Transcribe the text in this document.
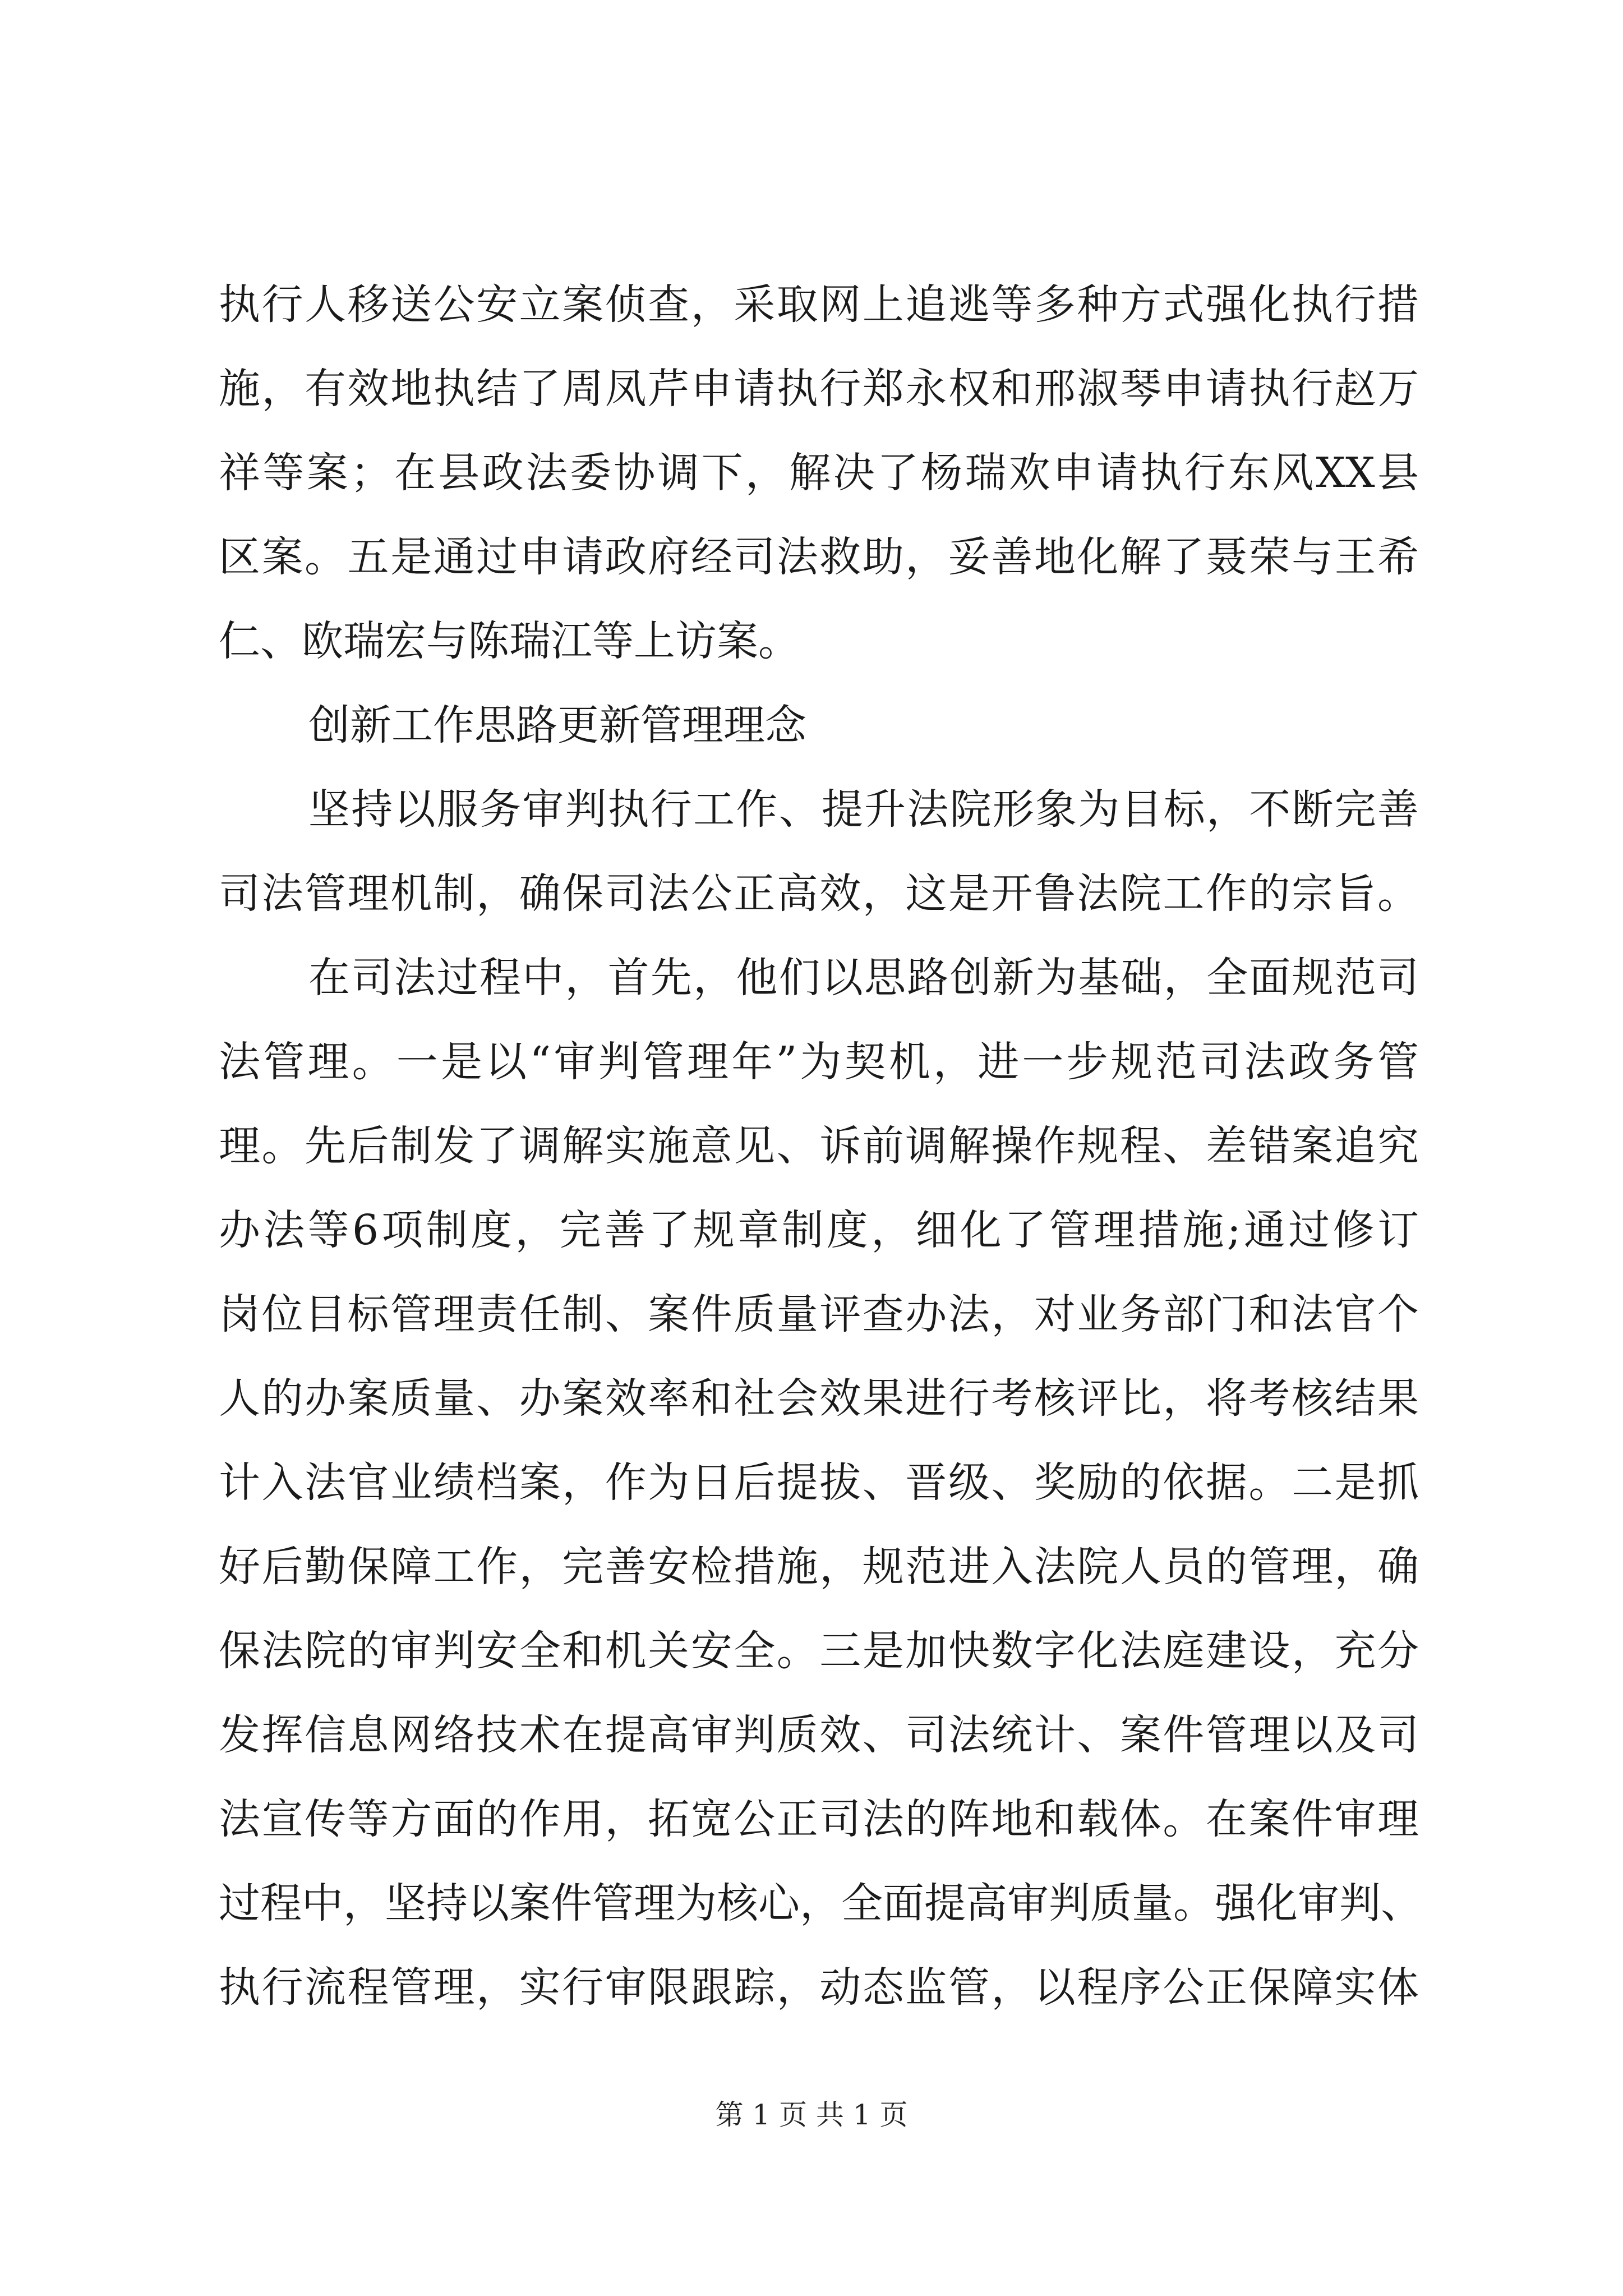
执行人移送公安立案侦查，采取网上追逃等多种方式强化执行措
施，有效地执结了周凤芹申请执行郑永权和邢淑琴申请执行赵万
祥等案；在县政法委协调下，解决了杨瑞欢申请执行东风XX县
区案。五是通过申请政府经司法救助，妥善地化解了聂荣与王希
仁、欧瑞宏与陈瑞江等上访案。
创新工作思路更新管理理念
坚持以服务审判执行工作、提升法院形象为目标，不断完善
司法管理机制，确保司法公正高效，这是开鲁法院工作的宗旨。
在司法过程中，首先，他们以思路创新为基础，全面规范司
法管理。一是以“审判管理年”为契机，进一步规范司法政务管
理。先后制发了调解实施意见、诉前调解操作规程、差错案追究
办法等6项制度，完善了规章制度，细化了管理措施;通过修订
岗位目标管理责任制、案件质量评查办法，对业务部门和法官个
人的办案质量、办案效率和社会效果进行考核评比，将考核结果
计入法官业绩档案，作为日后提拔、晋级、奖励的依据。二是抓
好后勤保障工作，完善安检措施，规范进入法院人员的管理，确
保法院的审判安全和机关安全。三是加快数字化法庭建设，充分
发挥信息网络技术在提高审判质效、司法统计、案件管理以及司
法宣传等方面的作用，拓宽公正司法的阵地和载体。在案件审理
过程中，坚持以案件管理为核心，全面提高审判质量。强化审判、
执行流程管理，实行审限跟踪，动态监管，以程序公正保障实体
第 1 页 共 1 页
